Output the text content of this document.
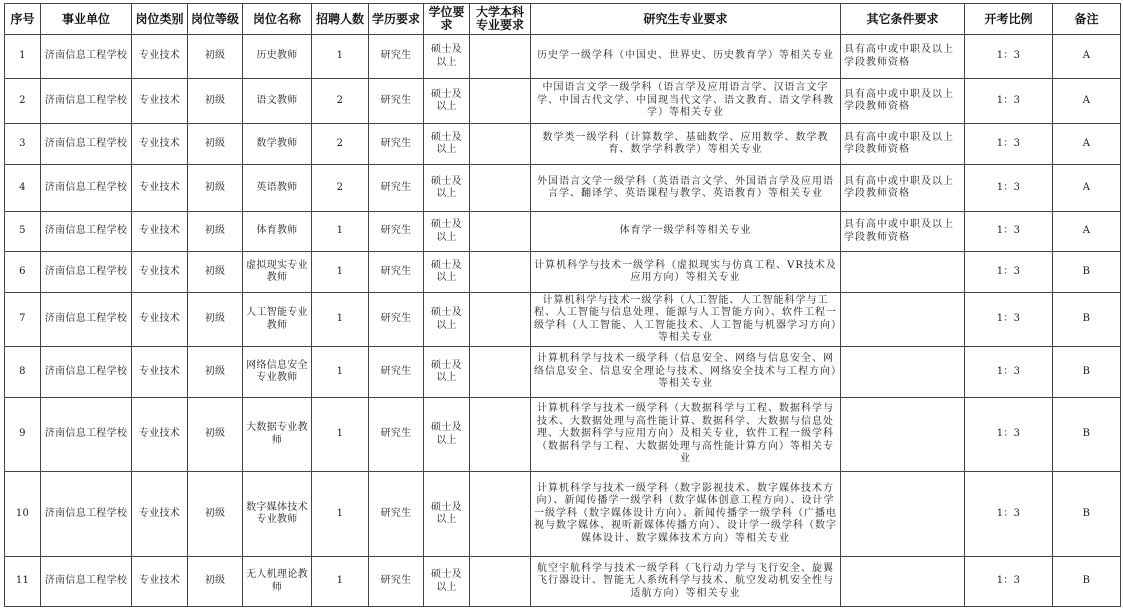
序号	事业单位	岗位类别	岗位等级	岗位名称	招聘人数	学历要求	学位要求	大学本科专业要求	研究生专业要求	其它条件要求	开考比例	备注
1	济南信息工程学校	专业技术	初级	历史教师	1	研究生	硕士及以上		历史学一级学科（中国史、世界史、历史教育学）等相关专业	具有高中或中职及以上学段教师资格	1：3	A
2	济南信息工程学校	专业技术	初级	语文教师	2	研究生	硕士及以上		中国语言文学一级学科（语言学及应用语言学、汉语言文字学、中国古代文学、中国现当代文学、语文教育、语文学科教学）等相关专业	具有高中或中职及以上学段教师资格	1：3	A
3	济南信息工程学校	专业技术	初级	数学教师	2	研究生	硕士及以上		数学类一级学科（计算数学、基础数学、应用数学、数学教育、数学学科教学）等相关专业	具有高中或中职及以上学段教师资格	1：3	A
4	济南信息工程学校	专业技术	初级	英语教师	2	研究生	硕士及以上		外国语言文学一级学科（英语语言文学、外国语言学及应用语言学、翻译学、英语课程与教学、英语教育）等相关专业	具有高中或中职及以上学段教师资格	1：3	A
5	济南信息工程学校	专业技术	初级	体育教师	1	研究生	硕士及以上		体育学一级学科等相关专业	具有高中或中职及以上学段教师资格	1：3	A
6	济南信息工程学校	专业技术	初级	虚拟现实专业教师	1	研究生	硕士及以上		计算机科学与技术一级学科（虚拟现实与仿真工程、VR技术及应用方向）等相关专业		1：3	B
7	济南信息工程学校	专业技术	初级	人工智能专业教师	1	研究生	硕士及以上		计算机科学与技术一级学科（人工智能、人工智能科学与工程、人工智能与信息处理、能源与人工智能方向）、软件工程一级学科（人工智能、人工智能技术、人工智能与机器学习方向）等相关专业		1：3	B
8	济南信息工程学校	专业技术	初级	网络信息安全专业教师	1	研究生	硕士及以上		计算机科学与技术一级学科（信息安全、网络与信息安全、网络信息安全、信息安全理论与技术、网络安全技术与工程方向）等相关专业		1：3	B
9	济南信息工程学校	专业技术	初级	大数据专业教师	1	研究生	硕士及以上		计算机科学与技术一级学科（大数据科学与工程、数据科学与技术、大数据处理与高性能计算、数据科学、大数据与信息处理、大数据科学与应用方向）及相关专业，软件工程一级学科（数据科学与工程、大数据处理与高性能计算方向）等相关专业		1：3	B
10	济南信息工程学校	专业技术	初级	数字媒体技术专业教师	1	研究生	硕士及以上		计算机科学与技术一级学科（数字影视技术、数字媒体技术方向）、新闻传播学一级学科（数字媒体创意工程方向）、设计学一级学科（数字媒体设计方向）、新闻传播学一级学科（广播电视与数字媒体、视听新媒体传播方向）、设计学一级学科（数字媒体设计、数字媒体技术方向）等相关专业		1：3	B
11	济南信息工程学校	专业技术	初级	无人机理论教师	1	研究生	硕士及以上		航空宇航科学与技术一级学科（飞行动力学与飞行安全、旋翼飞行器设计、智能无人系统科学与技术、航空发动机安全性与适航方向）等相关专业		1：3	B
